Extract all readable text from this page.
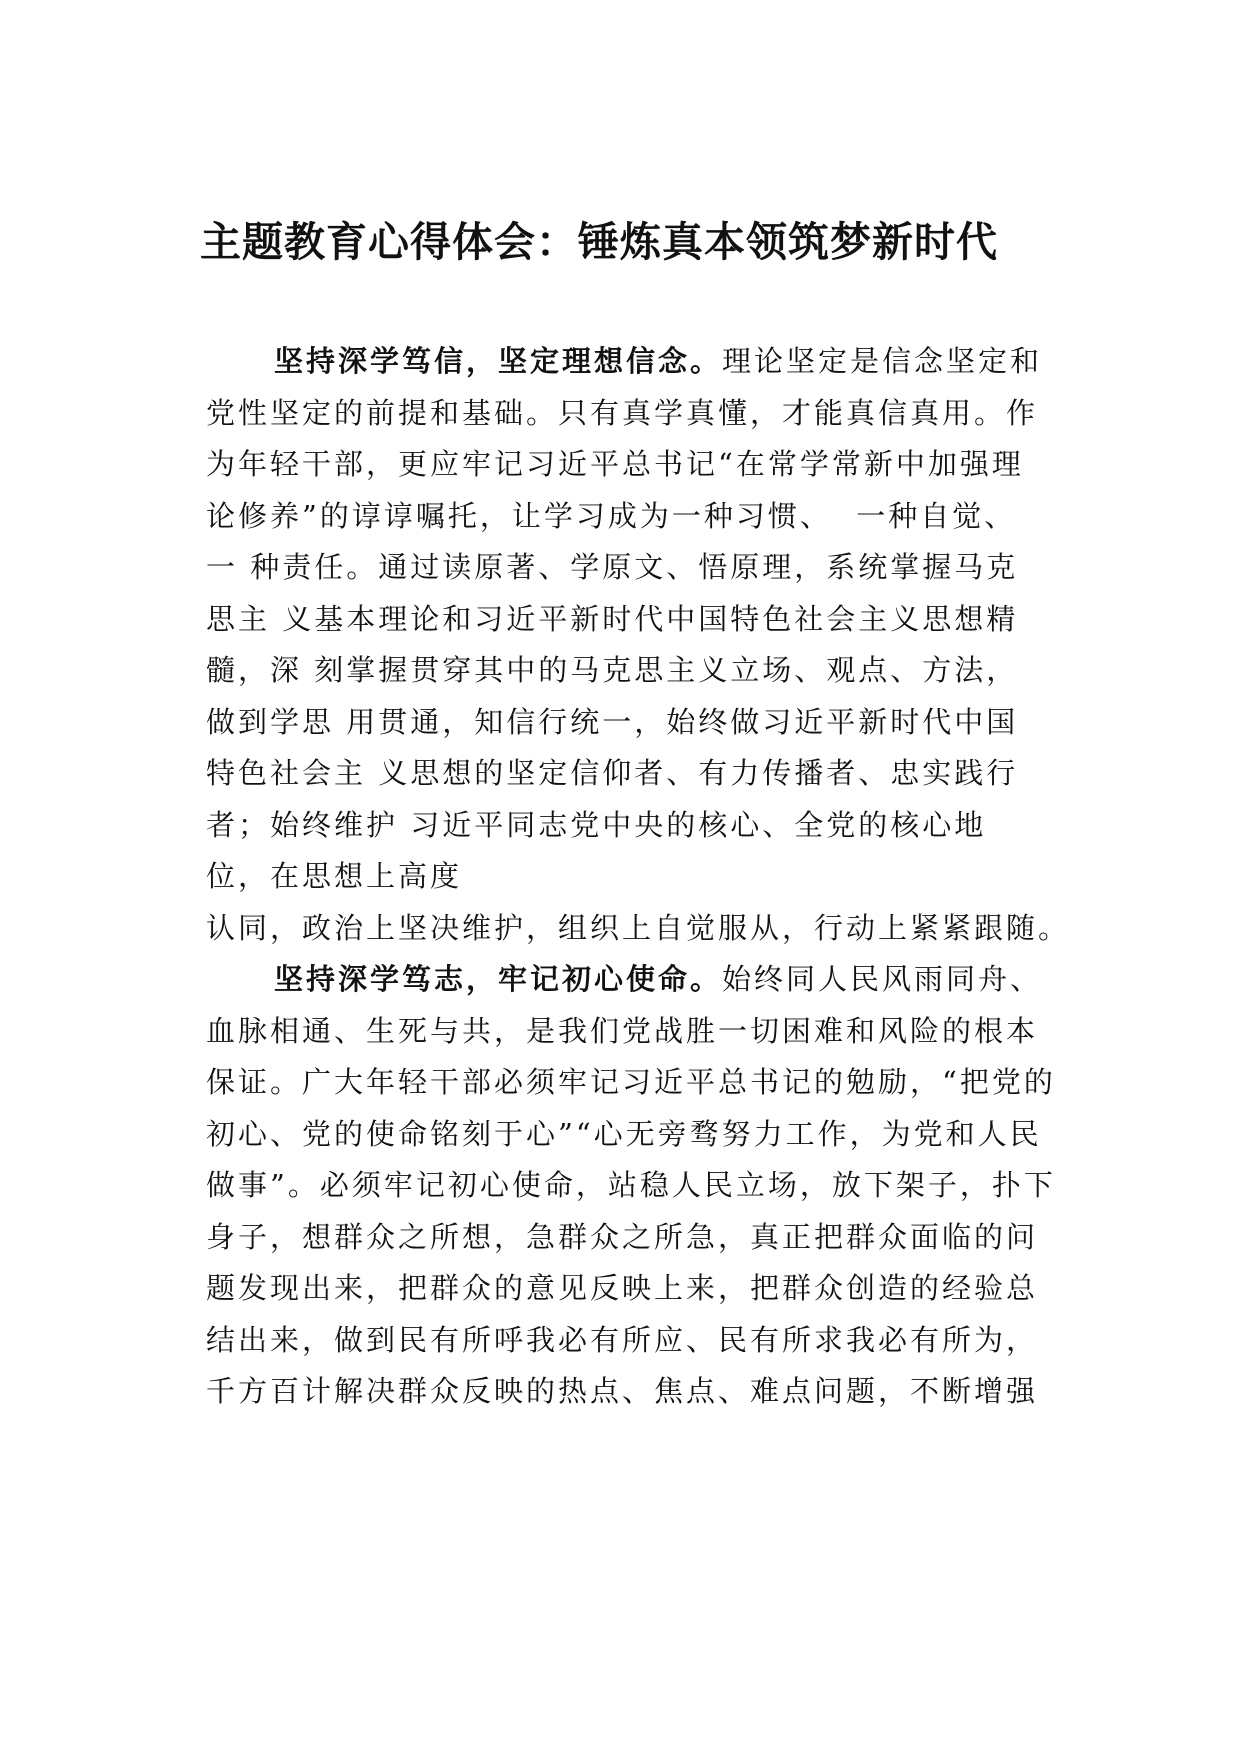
主题教育心得体会：锤炼真本领筑梦新时代
坚持深学笃信，坚定理想信念。理论坚定是信念坚定和
党性坚定的前提和基础。只有真学真懂，才能真信真用。作
为年轻干部，更应牢记习近平总书记“在常学常新中加强理
论修养”的谆谆嘱托，让学习成为一种习惯、  一种自觉、
一 种责任。通过读原著、学原文、悟原理，系统掌握马克
思主 义基本理论和习近平新时代中国特色社会主义思想精
髓，深 刻掌握贯穿其中的马克思主义立场、观点、方法，
做到学思 用贯通，知信行统一，始终做习近平新时代中国
特色社会主 义思想的坚定信仰者、有力传播者、忠实践行
者；始终维护 习近平同志党中央的核心、全党的核心地
位，在思想上高度
认同，政治上坚决维护，组织上自觉服从，行动上紧紧跟随。
坚持深学笃志，牢记初心使命。始终同人民风雨同舟、
血脉相通、生死与共，是我们党战胜一切困难和风险的根本
保证。广大年轻干部必须牢记习近平总书记的勉励，“把党的
初心、党的使命铭刻于心”“心无旁骛努力工作，为党和人民
做事”。必须牢记初心使命，站稳人民立场，放下架子，扑下
身子，想群众之所想，急群众之所急，真正把群众面临的问
题发现出来，把群众的意见反映上来，把群众创造的经验总
结出来，做到民有所呼我必有所应、民有所求我必有所为，
千方百计解决群众反映的热点、焦点、难点问题，不断增强
